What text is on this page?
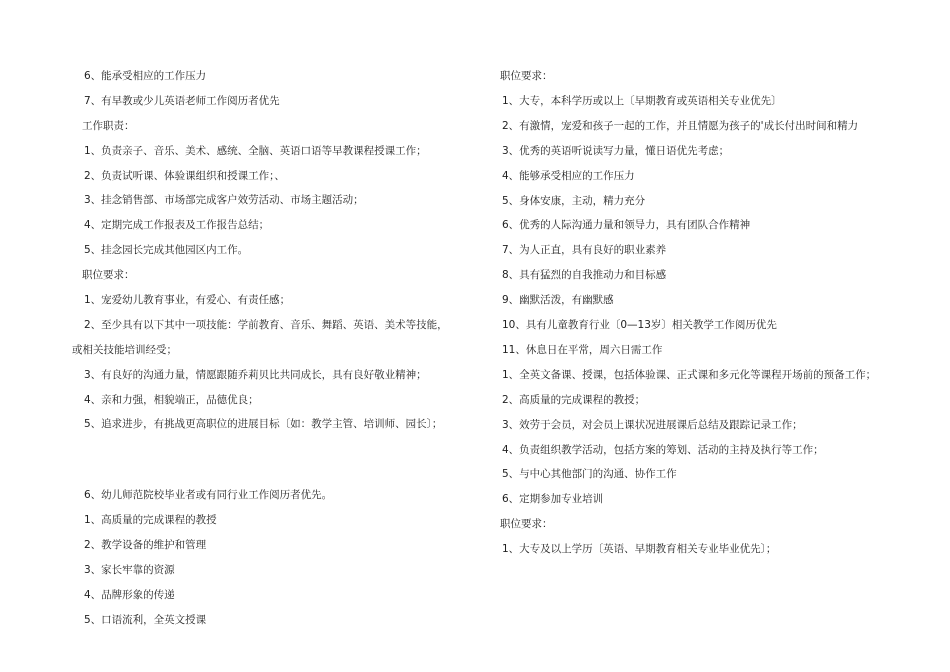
6、能承受相应的工作压力

7、有早教或少儿英语老师工作阅历者优先

工作职责：

1、负责亲子、音乐、美术、感统、全脑、英语口语等早教课程授课工作；

2、负责试听课、体验课组织和授课工作；、

3、挂念销售部、市场部完成客户效劳活动、市场主题活动；

4、定期完成工作报表及工作报告总结；

5、挂念园长完成其他园区内工作。

职位要求：

1、宠爱幼儿教育事业，有爱心、有责任感；

2、至少具有以下其中一项技能：学前教育、音乐、舞蹈、英语、美术等技能，

或相关技能培训经受；

3、有良好的沟通力量，情愿跟随乔莉贝比共同成长，具有良好敬业精神；

4、亲和力强，相貌端正，品德优良；

5、追求进步，有挑战更高职位的进展目标〔如：教学主管、培训师、园长〕；

6、幼儿师范院校毕业者或有同行业工作阅历者优先。

1、高质量的完成课程的教授

2、教学设备的维护和管理

3、家长牢靠的资源

4、品牌形象的传递

5、口语流利，全英文授课

职位要求：

1、大专，本科学历或以上〔早期教育或英语相关专业优先〕

2、有激情，宠爱和孩子一起的工作，并且情愿为孩子的'成长付出时间和精力

3、优秀的英语听说读写力量，懂日语优先考虑；

4、能够承受相应的工作压力

5、身体安康，主动，精力充分

6、优秀的人际沟通力量和领导力，具有团队合作精神

7、为人正直，具有良好的职业素养

8、具有猛烈的自我推动力和目标感

9、幽默活泼，有幽默感

10、具有儿童教育行业〔0—13岁〕相关教学工作阅历优先

11、休息日在平常，周六日需工作

1、全英文备课、授课，包括体验课、正式课和多元化等课程开场前的预备工作；

2、高质量的完成课程的教授；

3、效劳于会员，对会员上课状况进展课后总结及跟踪记录工作；

4、负责组织教学活动，包括方案的筹划、活动的主持及执行等工作；

5、与中心其他部门的沟通、协作工作

6、定期参加专业培训

职位要求：

1、大专及以上学历〔英语、早期教育相关专业毕业优先〕；
